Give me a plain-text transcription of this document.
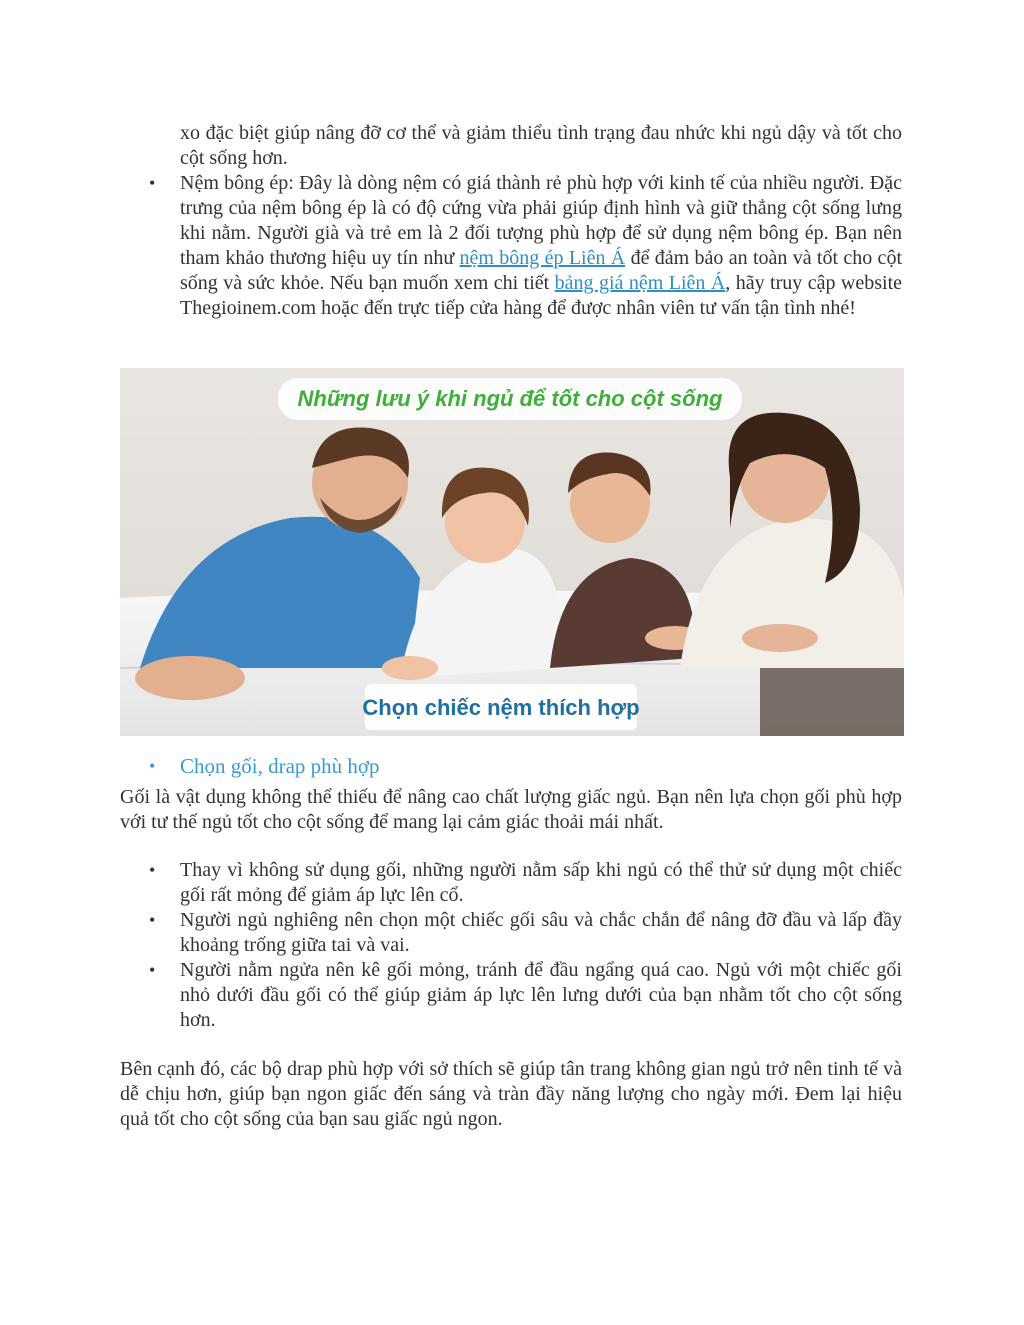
xo đặc biệt giúp nâng đỡ cơ thể và giảm thiểu tình trạng đau nhức khi ngủ dậy và tốt cho cột sống hơn.
• Nệm bông ép: Đây là dòng nệm có giá thành rẻ phù hợp với kinh tế của nhiều người. Đặc trưng của nệm bông ép là có độ cứng vừa phải giúp định hình và giữ thẳng cột sống lưng khi nằm. Người già và trẻ em là 2 đối tượng phù hợp để sử dụng nệm bông ép. Bạn nên tham khảo thương hiệu uy tín như nệm bông ép Liên Á để đảm bảo an toàn và tốt cho cột sống và sức khỏe. Nếu bạn muốn xem chi tiết bảng giá nệm Liên Á, hãy truy cập website Thegioinem.com hoặc đến trực tiếp cửa hàng để được nhân viên tư vấn tận tình nhé!
Những lưu ý khi ngủ để tốt cho cột sống
Chọn chiếc nệm thích hợp
• Chọn gối, drap phù hợp
Gối là vật dụng không thể thiếu để nâng cao chất lượng giấc ngủ. Bạn nên lựa chọn gối phù hợp với tư thế ngủ tốt cho cột sống để mang lại cảm giác thoải mái nhất.
• Thay vì không sử dụng gối, những người nằm sấp khi ngủ có thể thử sử dụng một chiếc gối rất mỏng để giảm áp lực lên cổ.
• Người ngủ nghiêng nên chọn một chiếc gối sâu và chắc chắn để nâng đỡ đầu và lấp đầy khoảng trống giữa tai và vai.
• Người nằm ngửa nên kê gối mỏng, tránh để đầu ngẩng quá cao. Ngủ với một chiếc gối nhỏ dưới đầu gối có thể giúp giảm áp lực lên lưng dưới của bạn nhằm tốt cho cột sống hơn.
Bên cạnh đó, các bộ drap phù hợp với sở thích sẽ giúp tân trang không gian ngủ trở nên tinh tế và dễ chịu hơn, giúp bạn ngon giấc đến sáng và tràn đầy năng lượng cho ngày mới. Đem lại hiệu quả tốt cho cột sống của bạn sau giấc ngủ ngon.
